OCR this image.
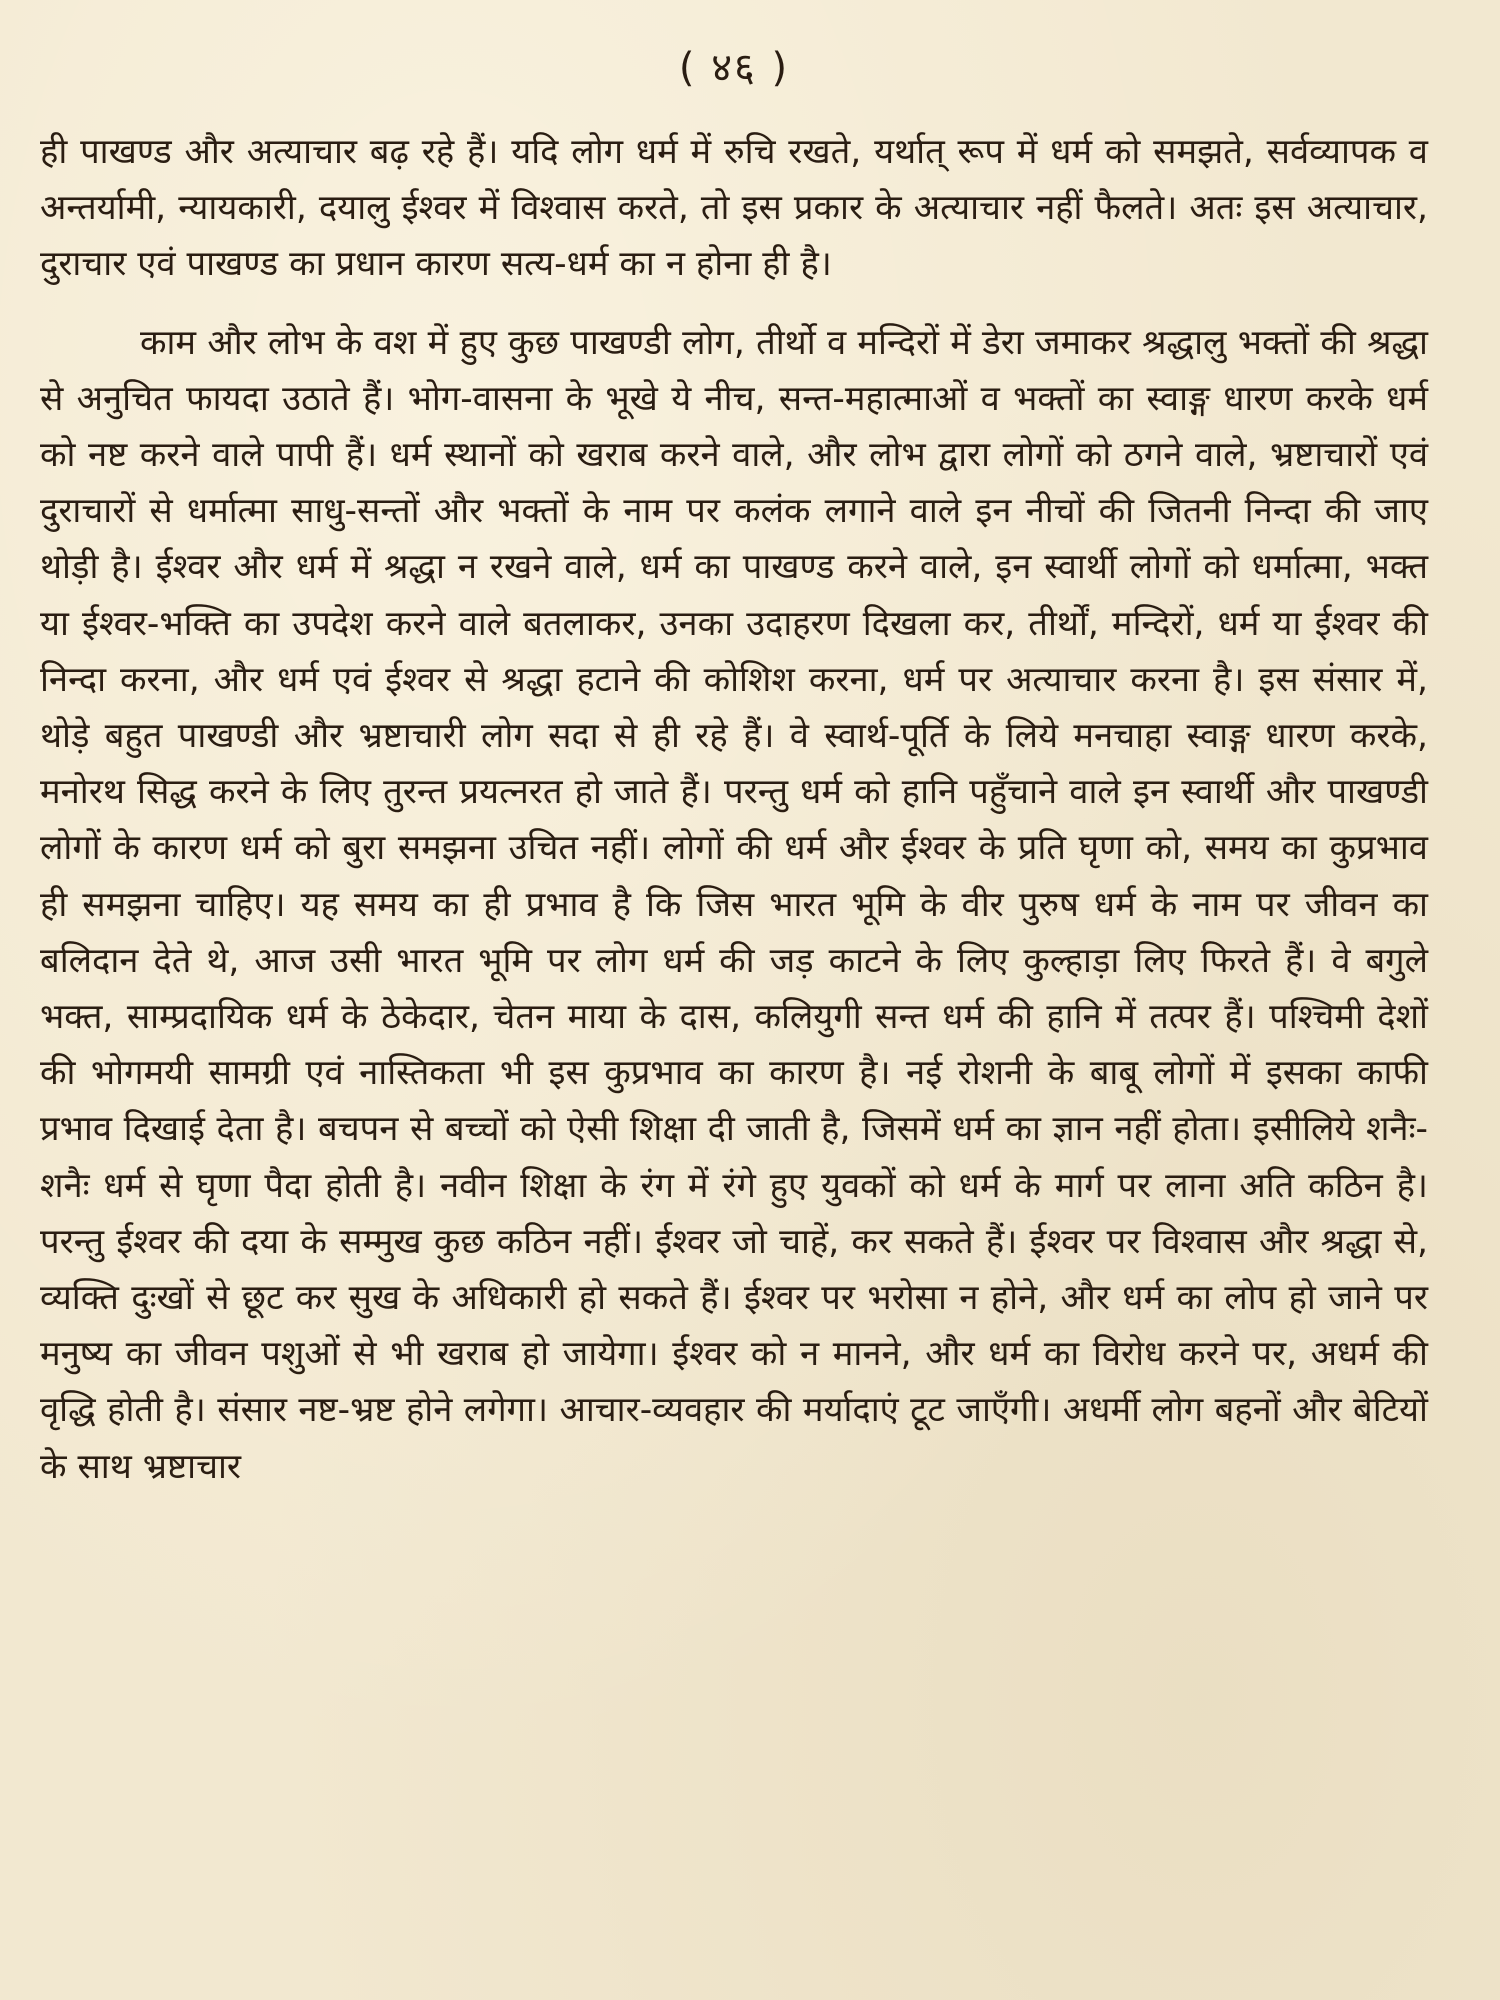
( ४६ )

ही पाखण्ड और अत्याचार बढ़ रहे हैं। यदि लोग धर्म में रुचि रखते, यर्थात् रूप में धर्म को समझते, सर्वव्यापक व अन्तर्यामी, न्यायकारी, दयालु ईश्वर में विश्वास करते, तो इस प्रकार के अत्याचार नहीं फैलते। अतः इस अत्याचार, दुराचार एवं पाखण्ड का प्रधान कारण सत्य-धर्म का न होना ही है।

काम और लोभ के वश में हुए कुछ पाखण्डी लोग, तीर्थो व मन्दिरों में डेरा जमाकर श्रद्धालु भक्तों की श्रद्धा से अनुचित फायदा उठाते हैं। भोग-वासना के भूखे ये नीच, सन्त-महात्माओं व भक्तों का स्वाङ्ग धारण करके धर्म को नष्ट करने वाले पापी हैं। धर्म स्थानों को खराब करने वाले, और लोभ द्वारा लोगों को ठगने वाले, भ्रष्टाचारों एवं दुराचारों से धर्मात्मा साधु-सन्तों और भक्तों के नाम पर कलंक लगाने वाले इन नीचों की जितनी निन्दा की जाए थोड़ी है। ईश्वर और धर्म में श्रद्धा न रखने वाले, धर्म का पाखण्ड करने वाले, इन स्वार्थी लोगों को धर्मात्मा, भक्त या ईश्वर-भक्ति का उपदेश करने वाले बतलाकर, उनका उदाहरण दिखला कर, तीर्थों, मन्दिरों, धर्म या ईश्वर की निन्दा करना, और धर्म एवं ईश्वर से श्रद्धा हटाने की कोशिश करना, धर्म पर अत्याचार करना है। इस संसार में, थोड़े बहुत पाखण्डी और भ्रष्टाचारी लोग सदा से ही रहे हैं। वे स्वार्थ-पूर्ति के लिये मनचाहा स्वाङ्ग धारण करके, मनोरथ सिद्ध करने के लिए तुरन्त प्रयत्नरत हो जाते हैं। परन्तु धर्म को हानि पहुँचाने वाले इन स्वार्थी और पाखण्डी लोगों के कारण धर्म को बुरा समझना उचित नहीं। लोगों की धर्म और ईश्वर के प्रति घृणा को, समय का कुप्रभाव ही समझना चाहिए। यह समय का ही प्रभाव है कि जिस भारत भूमि के वीर पुरुष धर्म के नाम पर जीवन का बलिदान देते थे, आज उसी भारत भूमि पर लोग धर्म की जड़ काटने के लिए कुल्हाड़ा लिए फिरते हैं। वे बगुले भक्त, साम्प्रदायिक धर्म के ठेकेदार, चेतन माया के दास, कलियुगी सन्त धर्म की हानि में तत्पर हैं। पश्चिमी देशों की भोगमयी सामग्री एवं नास्तिकता भी इस कुप्रभाव का कारण है। नई रोशनी के बाबू लोगों में इसका काफी प्रभाव दिखाई देता है। बचपन से बच्चों को ऐसी शिक्षा दी जाती है, जिसमें धर्म का ज्ञान नहीं होता। इसीलिये शनैः-शनैः धर्म से घृणा पैदा होती है। नवीन शिक्षा के रंग में रंगे हुए युवकों को धर्म के मार्ग पर लाना अति कठिन है। परन्तु ईश्वर की दया के सम्मुख कुछ कठिन नहीं। ईश्वर जो चाहें, कर सकते हैं। ईश्वर पर विश्वास और श्रद्धा से, व्यक्ति दुःखों से छूट कर सुख के अधिकारी हो सकते हैं। ईश्वर पर भरोसा न होने, और धर्म का लोप हो जाने पर मनुष्य का जीवन पशुओं से भी खराब हो जायेगा। ईश्वर को न मानने, और धर्म का विरोध करने पर, अधर्म की वृद्धि होती है। संसार नष्ट-भ्रष्ट होने लगेगा। आचार-व्यवहार की मर्यादाएं टूट जाएँगी। अधर्मी लोग बहनों और बेटियों के साथ भ्रष्टाचार
